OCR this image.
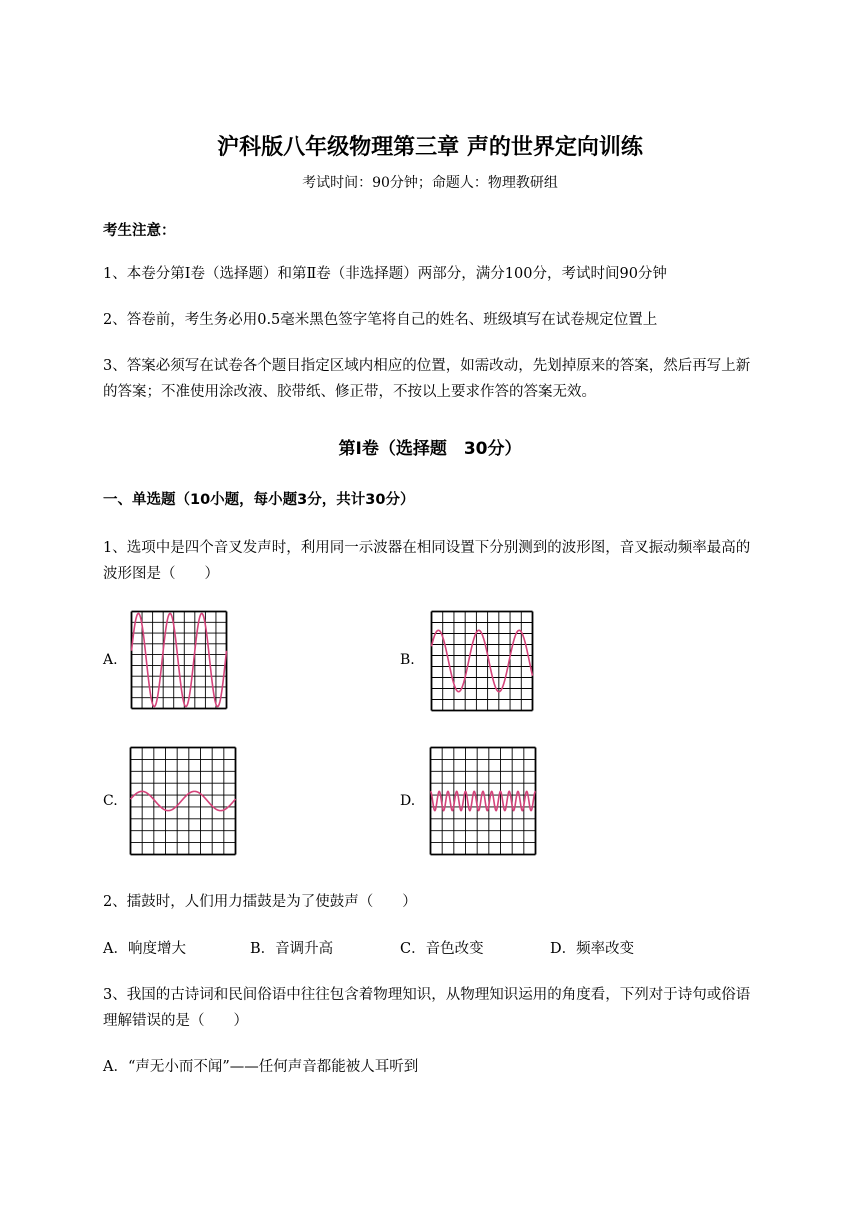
沪科版八年级物理第三章 声的世界定向训练
考试时间：90分钟；命题人：物理教研组
考生注意：
1、本卷分第Ⅰ卷（选择题）和第Ⅱ卷（非选择题）两部分，满分100分，考试时间90分钟
2、答卷前，考生务必用0.5毫米黑色签字笔将自己的姓名、班级填写在试卷规定位置上
3、答案必须写在试卷各个题目指定区域内相应的位置，如需改动，先划掉原来的答案，然后再写上新
的答案；不准使用涂改液、胶带纸、修正带，不按以上要求作答的答案无效。
第Ⅰ卷（选择题　30分）
一、单选题（10小题，每小题3分，共计30分）
1、选项中是四个音叉发声时，利用同一示波器在相同设置下分别测到的波形图，音叉振动频率最高的
波形图是（　　）
A.	B.
C.	D.
2、擂鼓时，人们用力擂鼓是为了使鼓声（　　）
A．响度增大	B．音调升高	C．音色改变	D．频率改变
3、我国的古诗词和民间俗语中往往包含着物理知识，从物理知识运用的角度看，下列对于诗句或俗语
理解错误的是（　　）
A．“声无小而不闻”——任何声音都能被人耳听到
